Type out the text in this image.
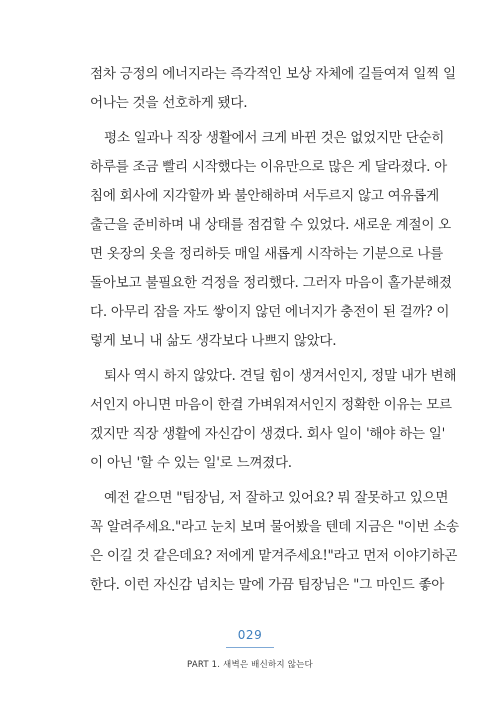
점차 긍정의 에너지라는 즉각적인 보상 자체에 길들여져 일찍 일
어나는 것을 선호하게 됐다.

평소 일과나 직장 생활에서 크게 바뀐 것은 없었지만 단순히
하루를 조금 빨리 시작했다는 이유만으로 많은 게 달라졌다. 아
침에 회사에 지각할까 봐 불안해하며 서두르지 않고 여유롭게
출근을 준비하며 내 상태를 점검할 수 있었다. 새로운 계절이 오
면 옷장의 옷을 정리하듯 매일 새롭게 시작하는 기분으로 나를
돌아보고 불필요한 걱정을 정리했다. 그러자 마음이 홀가분해졌
다. 아무리 잠을 자도 쌓이지 않던 에너지가 충전이 된 걸까? 이
렇게 보니 내 삶도 생각보다 나쁘지 않았다.

퇴사 역시 하지 않았다. 견딜 힘이 생겨서인지, 정말 내가 변해
서인지 아니면 마음이 한결 가벼워져서인지 정확한 이유는 모르
겠지만 직장 생활에 자신감이 생겼다. 회사 일이 '해야 하는 일'
이 아닌 '할 수 있는 일'로 느껴졌다.

예전 같으면 "팀장님, 저 잘하고 있어요? 뭐 잘못하고 있으면
꼭 알려주세요."라고 눈치 보며 물어봤을 텐데 지금은 "이번 소송
은 이길 것 같은데요? 저에게 맡겨주세요!"라고 먼저 이야기하곤
한다. 이런 자신감 넘치는 말에 가끔 팀장님은 "그 마인드 좋아

029
PART 1. 새벽은 배신하지 않는다
